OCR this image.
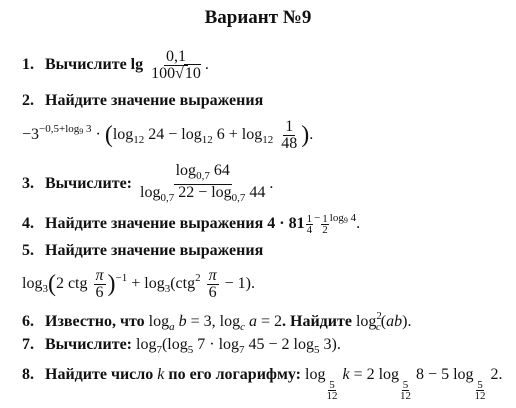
Вариант №9
1. Вычислите $\lg \frac{0,1}{100√10}$ .
2. Найдите значение выражения
$-3^{-0,5+log_9 3} \cdot (\log_{12}$ $24 - \log_{12} 6 + \log_{12} \frac{1}{48}$ ).
3. Вычислите: $\frac{\log_{0,7} 64}{\log_{0,7} 22 - \log_{0,7} 44}$ .
4. Найдите значение выражения $4 \cdot 81 \frac{1}{4} ^- \frac{1}{2} ^{log_9 4}$.
5. Найдите значение выражения
$\log_3(2$ ctg $\frac{\pi}{6} )^{-1} + \log_3(ctg^2 \frac{\pi}{6} - 1)$.
6. Известно, что $\log_a b = 3$, $\log_c a = 2$. Найдите $\log^2_c(ab)$.
7. Вычислите: $\log_7(\log_5$ $7 \cdot \log_7 45 - 2$ $\log_5 3$).
8. Найдите число k по его логарифму: log
$\frac{5}{12}$
k = 2 log
$\frac{5}{12}$
8 − 5 log
$\frac{5}{12}$
2.
